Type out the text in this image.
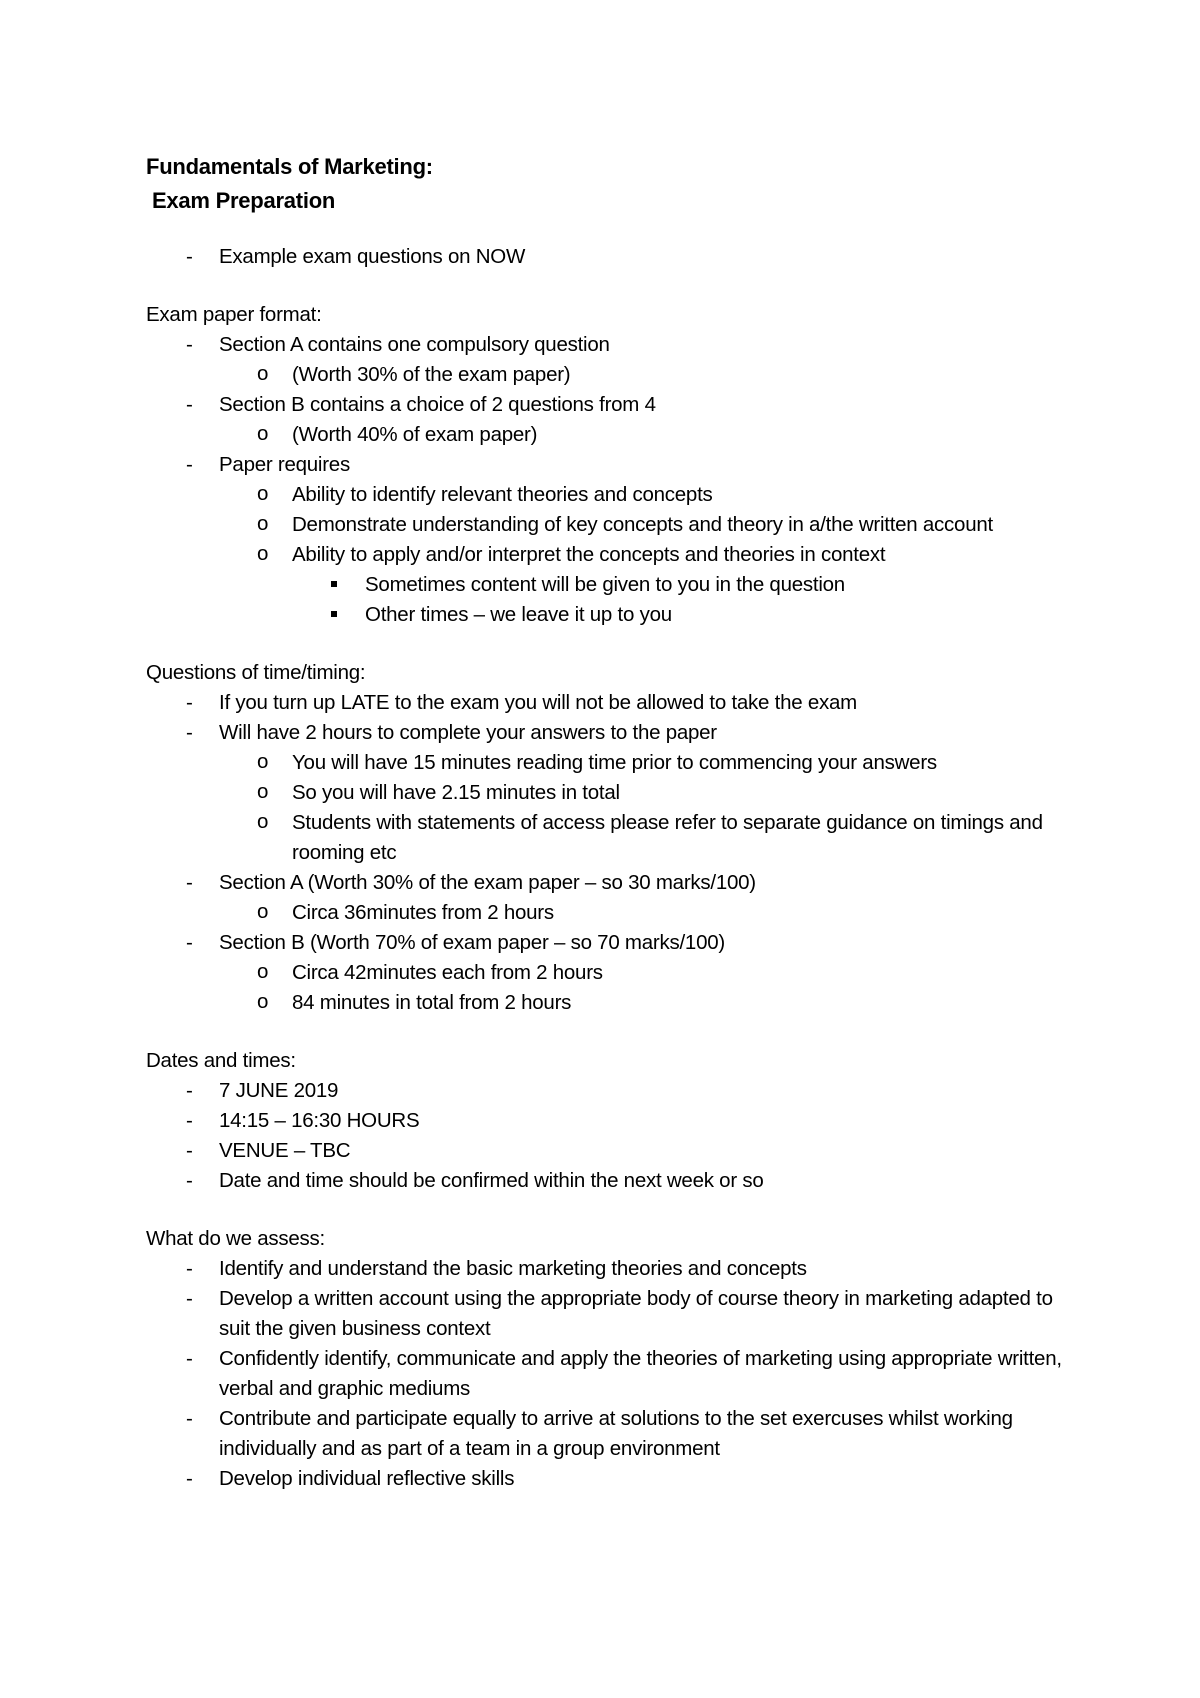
Fundamentals of Marketing:

Exam Preparation

- Example exam questions on NOW

Exam paper format:

- Section A contains one compulsory question
o (Worth 30% of the exam paper)
- Section B contains a choice of 2 questions from 4
o (Worth 40% of exam paper)
- Paper requires
o Ability to identify relevant theories and concepts
o Demonstrate understanding of key concepts and theory in a/the written account
o Ability to apply and/or interpret the concepts and theories in context
Sometimes content will be given to you in the question
Other times – we leave it up to you

Questions of time/timing:

- If you turn up LATE to the exam you will not be allowed to take the exam
- Will have 2 hours to complete your answers to the paper
o You will have 15 minutes reading time prior to commencing your answers
o So you will have 2.15 minutes in total
o Students with statements of access please refer to separate guidance on timings and rooming etc
- Section A (Worth 30% of the exam paper – so 30 marks/100)
o Circa 36minutes from 2 hours
- Section B (Worth 70% of exam paper – so 70 marks/100)
o Circa 42minutes each from 2 hours
o 84 minutes in total from 2 hours

Dates and times:

- 7 JUNE 2019
- 14:15 – 16:30 HOURS
- VENUE – TBC
- Date and time should be confirmed within the next week or so

What do we assess:

- Identify and understand the basic marketing theories and concepts
- Develop a written account using the appropriate body of course theory in marketing adapted to suit the given business context
- Confidently identify, communicate and apply the theories of marketing using appropriate written, verbal and graphic mediums
- Contribute and participate equally to arrive at solutions to the set exercuses whilst working individually and as part of a team in a group environment
- Develop individual reflective skills
